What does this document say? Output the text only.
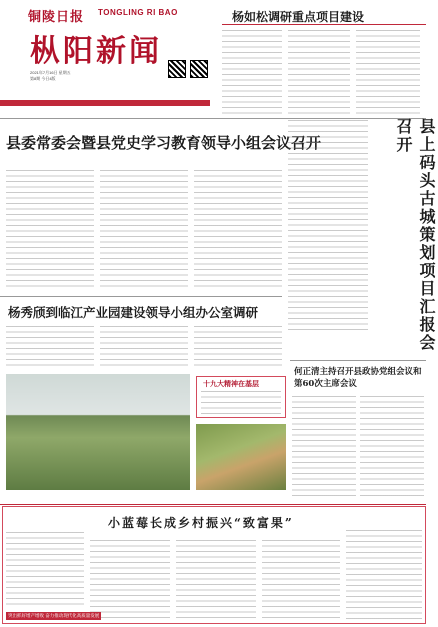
铜陵日报 TONGLING RI BAO
枞阳新闻
2021年7月16日 星期五
第8期 今日4版
杨如松调研重点项目建设
县委常委会暨县党史学习教育领导小组会议召开	县上码头古城策划项目汇报会召开
杨秀颀到临江产业园建设领导小组办公室调研
十九大精神在基层
何正清主持召开县政协党组会议和第60次主席会议
小蓝莓长成乡村振兴“致富果”
突出抓好增产增收 奋力推动现代化高质量发展
